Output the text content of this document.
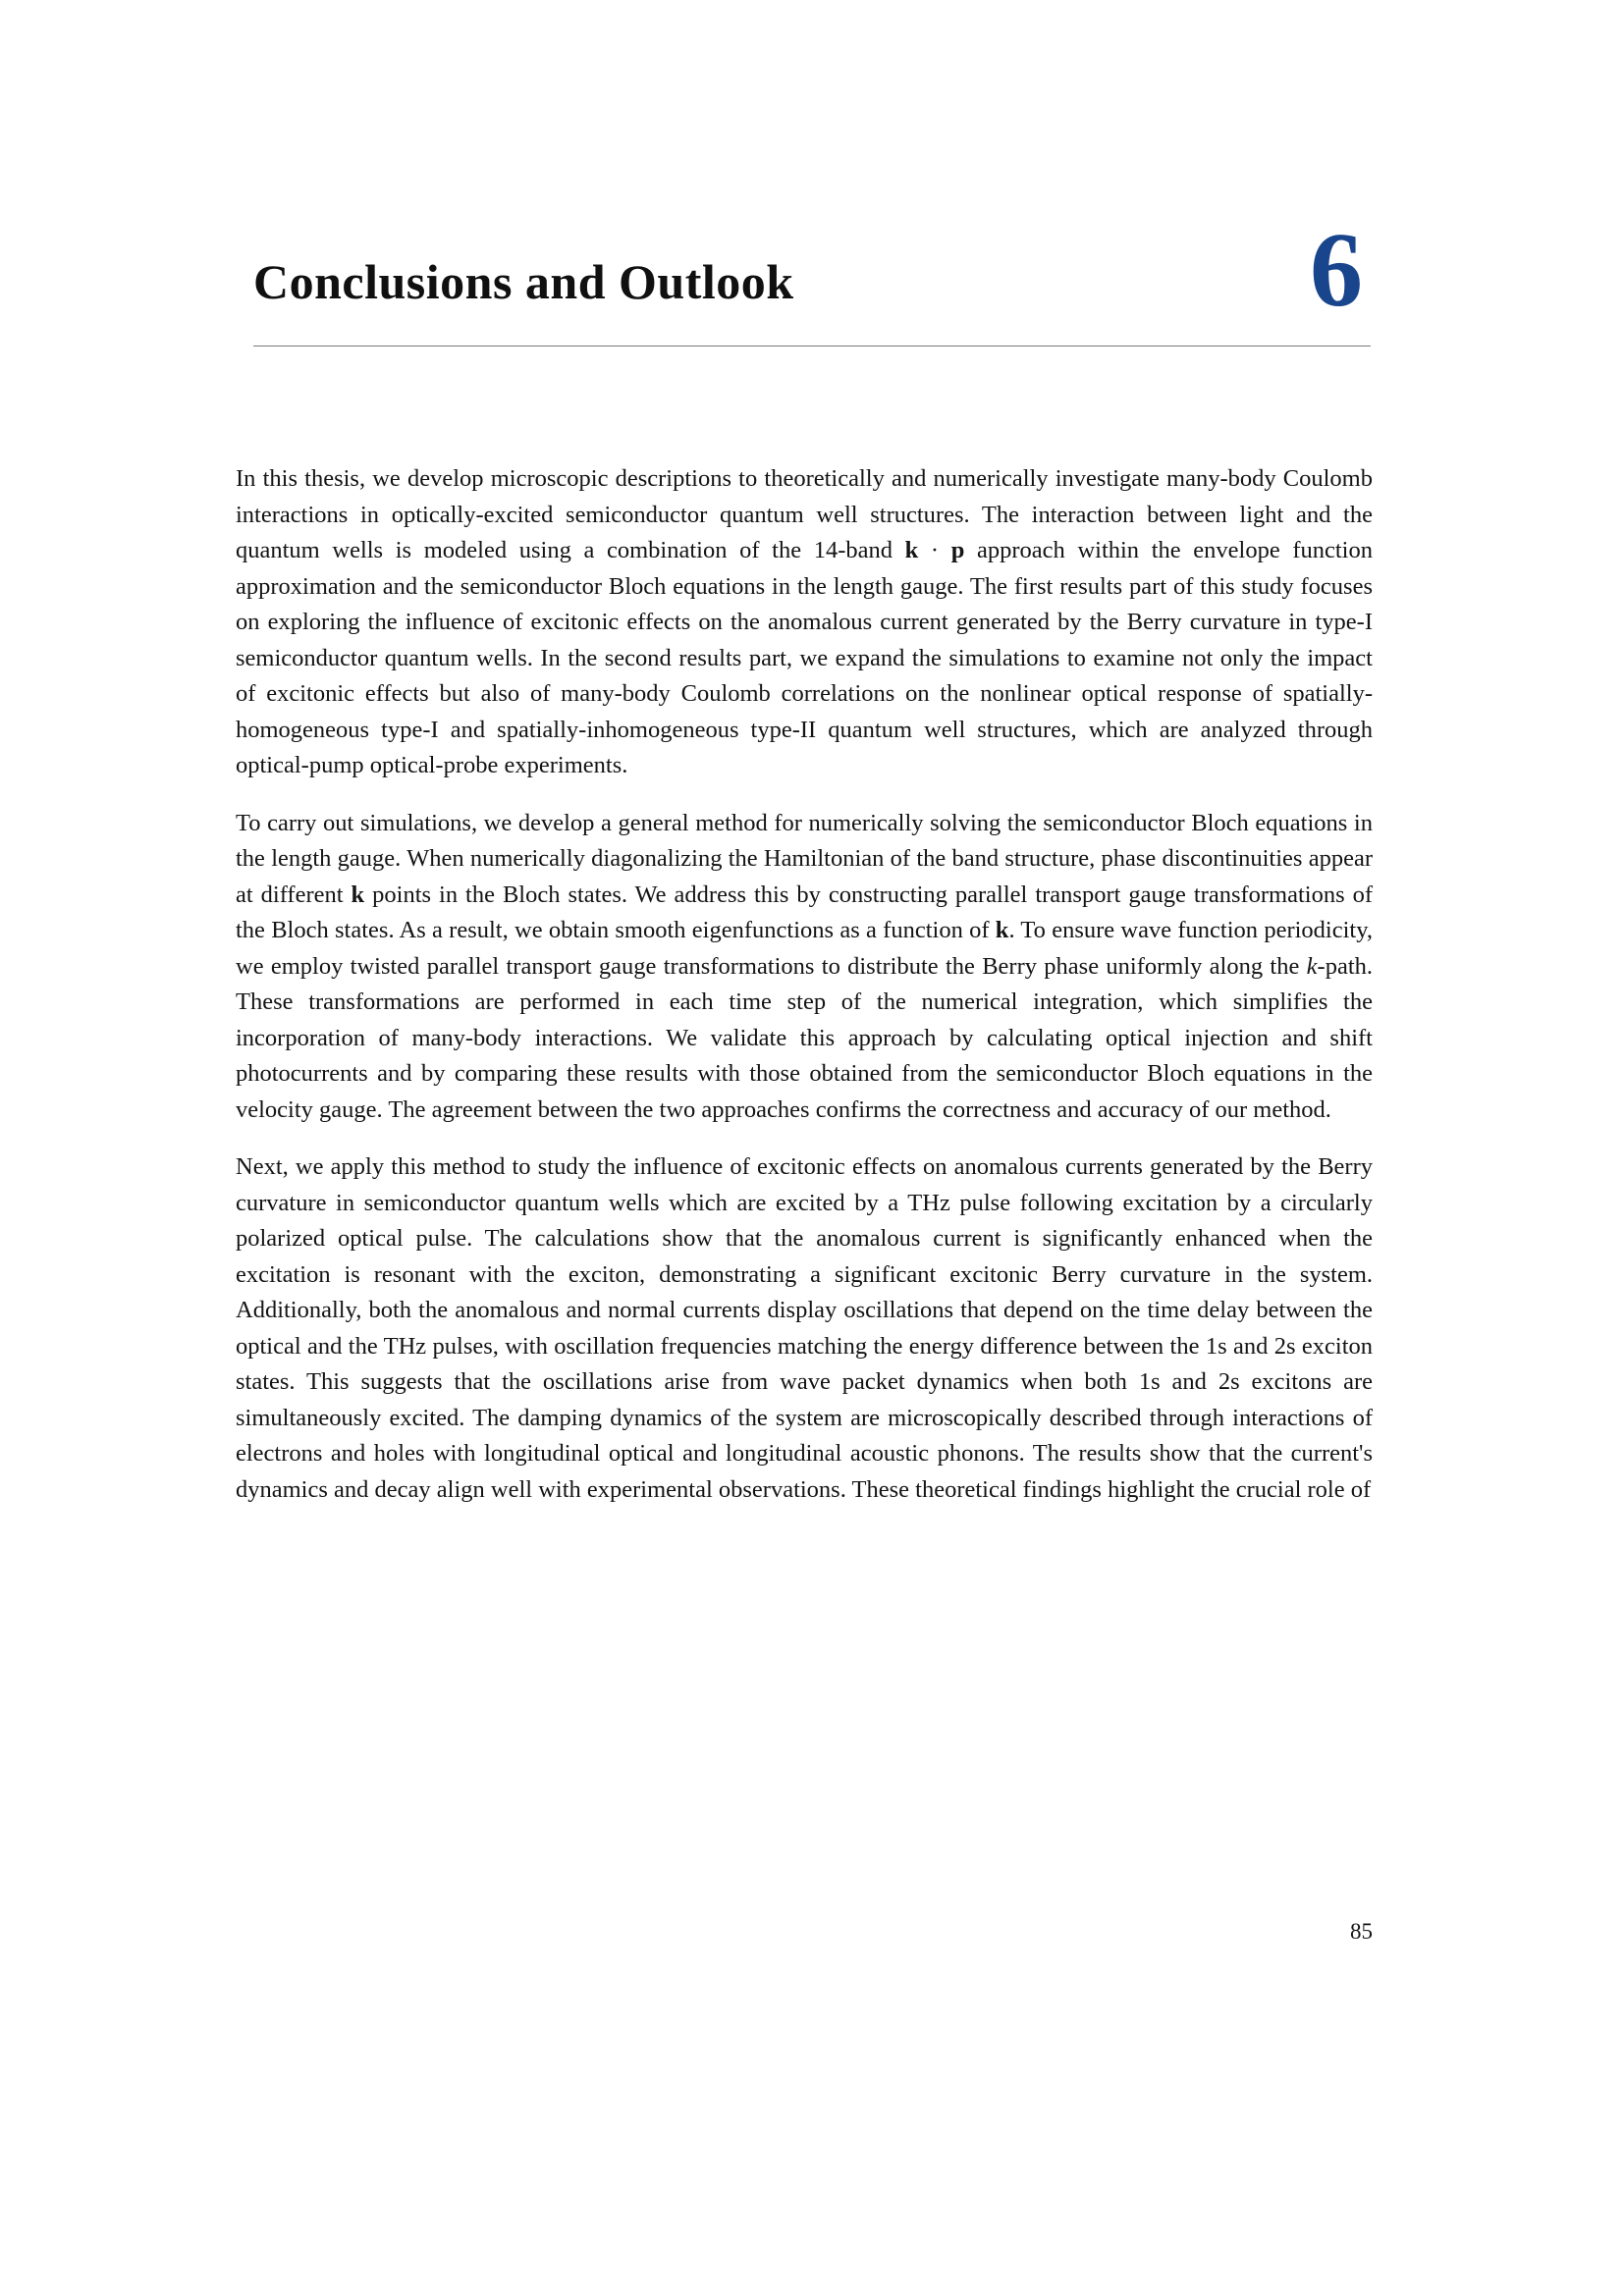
Conclusions and Outlook	6

In this thesis, we develop microscopic descriptions to theoretically and numerically investigate many-body Coulomb interactions in optically-excited semiconductor quantum well structures. The interaction between light and the quantum wells is modeled using a combination of the 14-band k · p approach within the envelope function approximation and the semiconductor Bloch equations in the length gauge. The first results part of this study focuses on exploring the influence of excitonic effects on the anomalous current generated by the Berry curvature in type-I semiconductor quantum wells. In the second results part, we expand the simulations to examine not only the impact of excitonic effects but also of many-body Coulomb correlations on the nonlinear optical response of spatially-homogeneous type-I and spatially-inhomogeneous type-II quantum well structures, which are analyzed through optical-pump optical-probe experiments.

To carry out simulations, we develop a general method for numerically solving the semiconductor Bloch equations in the length gauge. When numerically diagonalizing the Hamiltonian of the band structure, phase discontinuities appear at different k points in the Bloch states. We address this by constructing parallel transport gauge transformations of the Bloch states. As a result, we obtain smooth eigenfunctions as a function of k. To ensure wave function periodicity, we employ twisted parallel transport gauge transformations to distribute the Berry phase uniformly along the k-path. These transformations are performed in each time step of the numerical integration, which simplifies the incorporation of many-body interactions. We validate this approach by calculating optical injection and shift photocurrents and by comparing these results with those obtained from the semiconductor Bloch equations in the velocity gauge. The agreement between the two approaches confirms the correctness and accuracy of our method.

Next, we apply this method to study the influence of excitonic effects on anomalous currents generated by the Berry curvature in semiconductor quantum wells which are excited by a THz pulse following excitation by a circularly polarized optical pulse. The calculations show that the anomalous current is significantly enhanced when the excitation is resonant with the exciton, demonstrating a significant excitonic Berry curvature in the system. Additionally, both the anomalous and normal currents display oscillations that depend on the time delay between the optical and the THz pulses, with oscillation frequencies matching the energy difference between the 1s and 2s exciton states. This suggests that the oscillations arise from wave packet dynamics when both 1s and 2s excitons are simultaneously excited. The damping dynamics of the system are microscopically described through interactions of electrons and holes with longitudinal optical and longitudinal acoustic phonons. The results show that the current's dynamics and decay align well with experimental observations. These theoretical findings highlight the crucial role of

85
